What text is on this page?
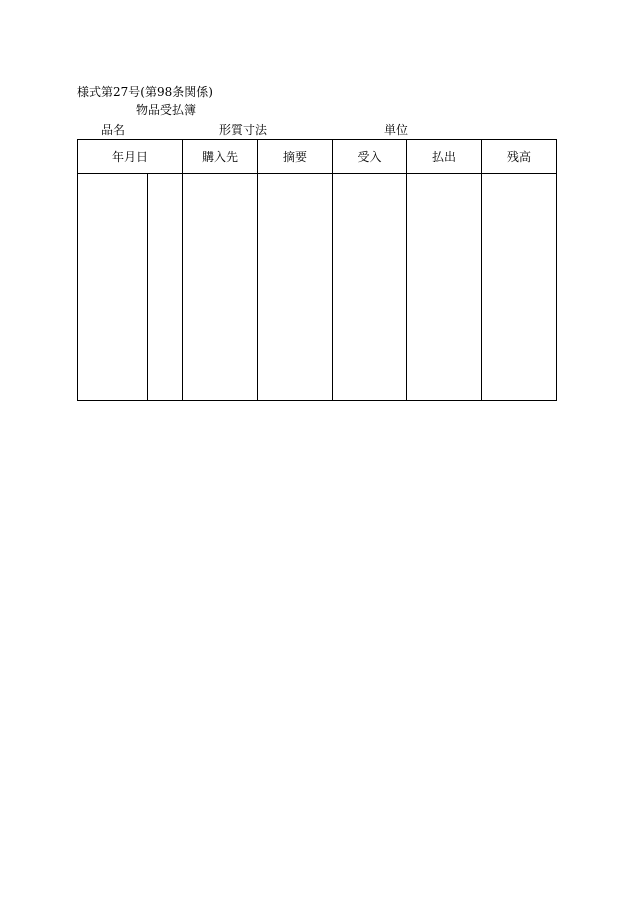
様式第27号(第98条関係)
物品受払簿
品名	形質寸法	単位
年月日		購入先	摘要	受入	払出	残高
